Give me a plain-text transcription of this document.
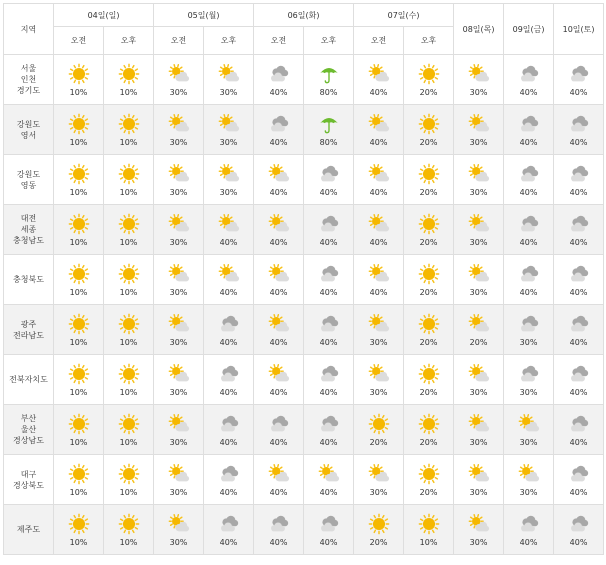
지역	04일(일)		05일(월)		06일(화)		07일(수)		08일(목)	09일(금)	10일(토)
	오전	오후	오전	오후	오전	오후	오전	오후			

서울
인천
경기도	10%	10%	30%	30%	40%	80%	40%	20%	30%	40%	40%

강원도
영서	10%	10%	30%	30%	40%	80%	40%	20%	30%	40%	40%

강원도
영동	10%	10%	30%	30%	40%	40%	40%	20%	30%	40%	40%

대전
세종
충청남도	10%	10%	30%	40%	40%	40%	40%	20%	30%	40%	40%

충청북도	10%	10%	30%	40%	40%	40%	40%	20%	30%	40%	40%

광주
전라남도	10%	10%	30%	40%	40%	40%	30%	20%	20%	30%	40%

전북자치도	10%	10%	30%	40%	40%	40%	30%	20%	30%	30%	40%

부산
울산
경상남도	10%	10%	30%	40%	40%	40%	20%	20%	30%	30%	40%

대구
경상북도	10%	10%	30%	40%	40%	40%	30%	20%	30%	30%	40%

제주도	10%	10%	30%	40%	40%	40%	20%	10%	30%	40%	40%
